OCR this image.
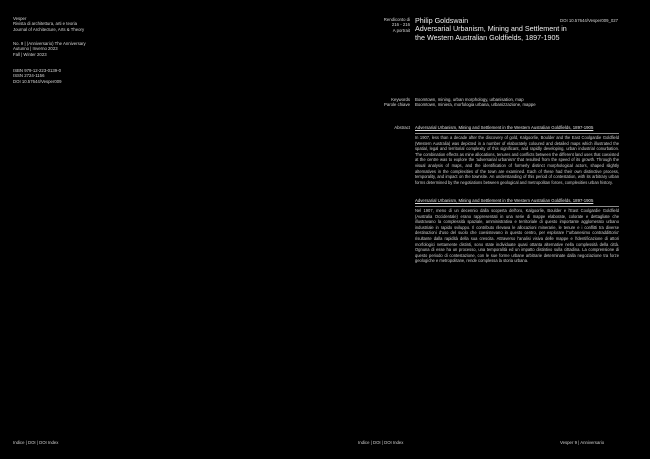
Vesper
Rivista di architettura, arti e teoria
Journal of Architecture, Arts & Theory
No. 9 | (Anniversario) The Anniversary
Autunno | Inverno 2023
Fall | Winter 2023
ISBN 979-12-223-0139-0
ISSN 2724-1156
DOI 10.57644/Vesper009
Indice | DOI | DOI Index
Rendiconto di
216 - 216
A portrait
Philip Goldswain
Adversarial Urbanism, Mining and Settlement in
the Western Australian Goldfields, 1897-1905
DOI 10.57644/Vesper009_027
Keywords Boomtown, mining, urban morphology, urbanisation, map
Parole chiave Boomtown, miniera, morfologia urbana, urbanizzazione, mappe
Abstract Adversarial Urbanism, Mining and Settlement in the Western Australian Goldfields, 1897-1905
In 1907, less than a decade after the discovery of gold, Kalgoorlie, Boulder and the East Coolgardie Goldfield (Western Australia) was depicted in a number of elaborately coloured and detailed maps which illustrated the spatial, legal and territorial complexity of this significant, and rapidly developing, urban industrial conurbation. The combination effects as mine allocations, tenures and conflicts between the different land uses that coexisted at the centre was to explore the 'adversarial urbanism' that resulted from the speed of its growth. Through the visual analysis of maps, and the identification of formerly distinct morphological actors, shaped slightly alternatives in the complexities of the town are examined. Each of these had their own distinctive process, temporality, and impact on the townsite. An understanding of this period of contestation, with its arbitrary urban forms determined by the negotiations between geological and metropolitan forces, complexities urban history.
Adversarial Urbanism, Mining and Settlement in the Western Australian Goldfields, 1897-1905
Nel 1907, meno di un decennio dalla scoperta dell'oro, Kalgoorlie, Boulder e l'East Coolgardie Goldfield (Australia Occidentale) erano rappresentati in una serie di mappe elaborate, colorate e dettagliate che illustravano la complessità spaziale, amministrativa e territoriale di questo importante agglomerato urbano industriale in rapido sviluppo. Il contributo rilevava le allocazioni minerarie, le tenure e i conflitti tra diverse destinazioni d'uso del suolo che coesistevano in questo centro, per esplorare l''urbanesimo contraddittorio' risultante dalla rapidità della sua crescita. Attraverso l'analisi visiva delle mappe e l'identificazione di attori morfologici nettamente distinti, sono state individuate quasi ottanta alternative nella complessità della città. Ognuna di esse ha un processo, una temporalità ed un impatto distintivo sulla cittadina. La comprensione di questo periodo di contestazione, con le sue forme urbane arbitrarie determinate dalla negoziazione tra forze geologiche e metropolitane, rende complessa la storia urbana.
Indice | DOI | DOI Index	Vesper 9 | Anniversario
